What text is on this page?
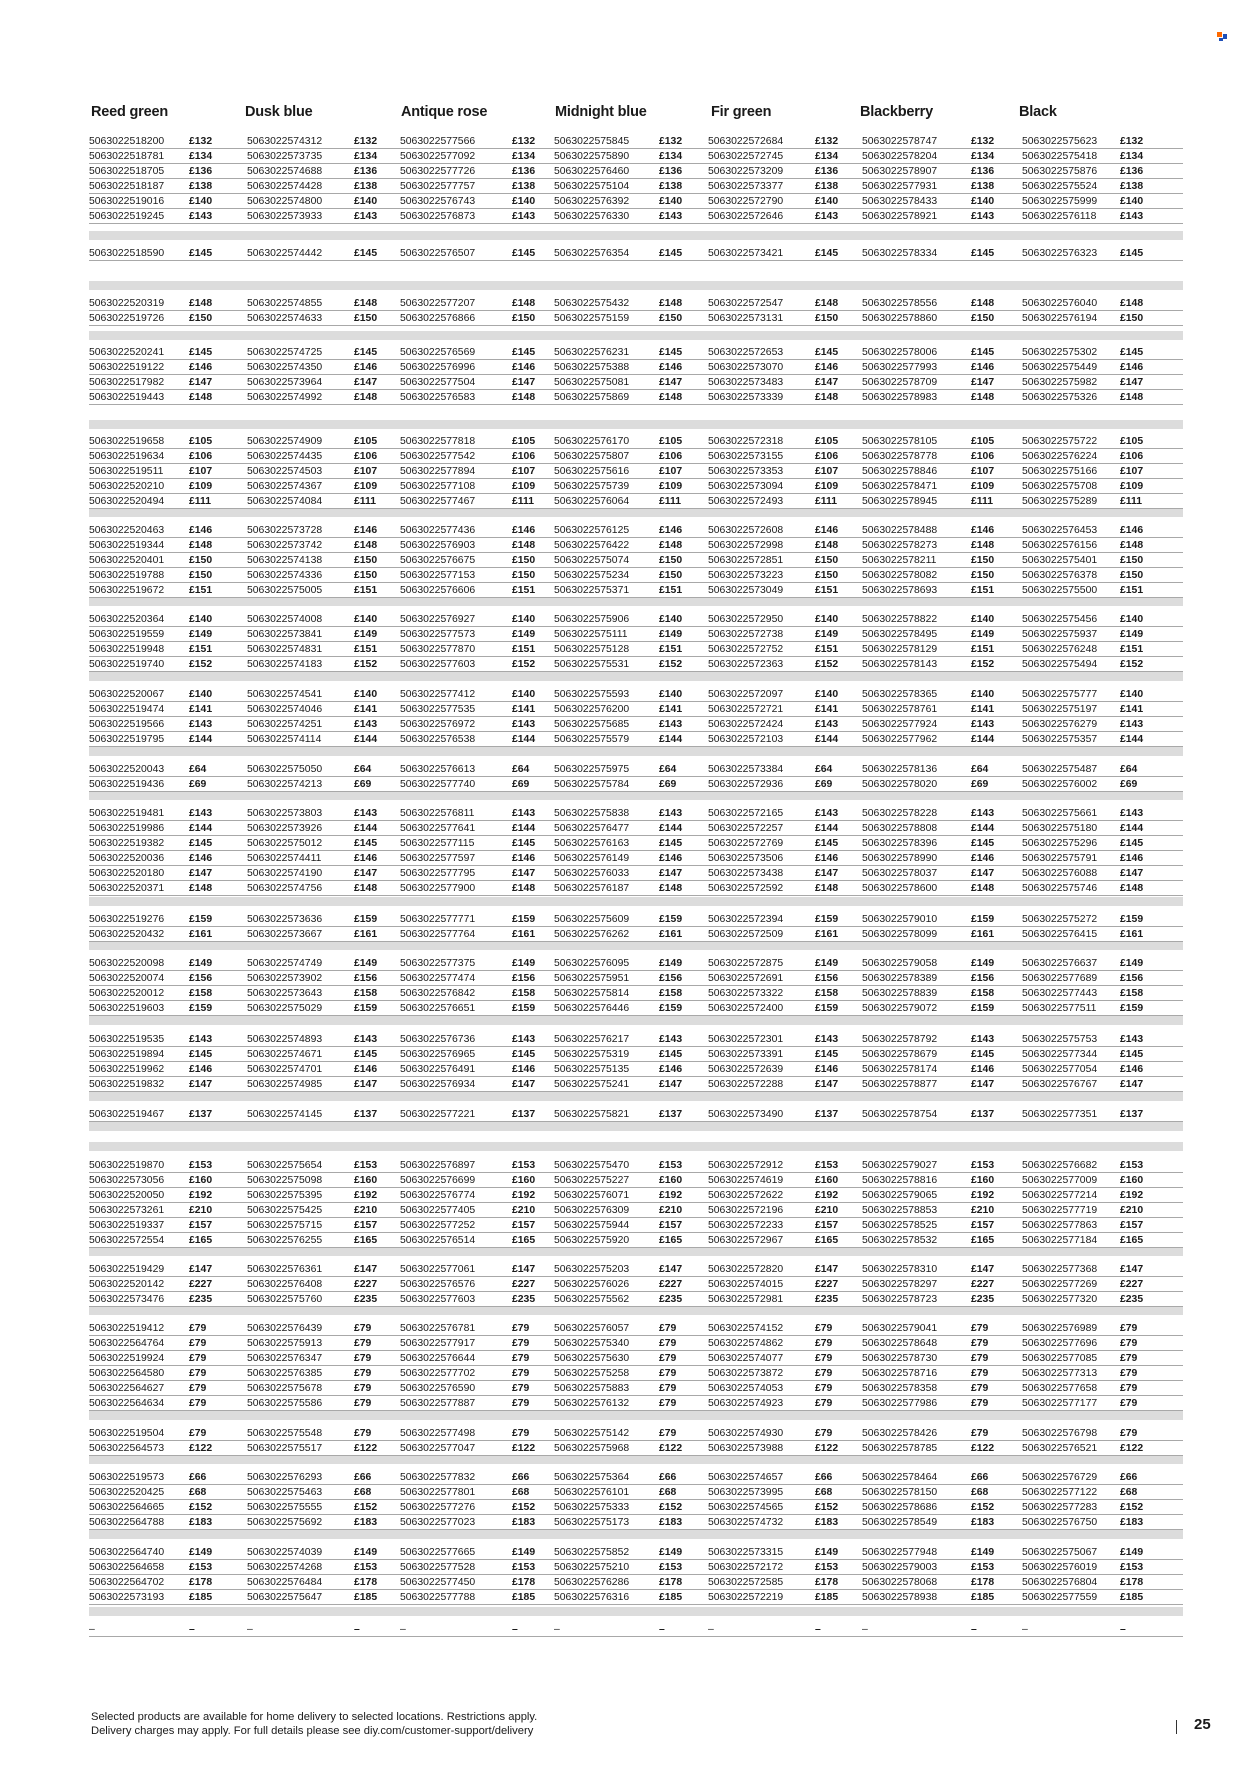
Reed green	Dusk blue	Antique rose	Midnight blue	Fir green	Blackberry	Black
5063022518200 £132	5063022574312	£132 5063022577566	£132 5063022575845	£132 5063022572684	£132 5063022578747	£132	5063022575623 £132
5063022518781 £134	5063022573735	£134 5063022577092	£134 5063022575890	£134 5063022572745	£134 5063022578204	£134	5063022575418 £134
5063022518705 £136	5063022574688	£136 5063022577726	£136 5063022576460	£136 5063022573209	£136 5063022578907	£136	5063022575876 £136
5063022518187 £138	5063022574428	£138 5063022577757	£138 5063022575104	£138 5063022573377	£138 5063022577931	£138	5063022575524 £138
5063022519016 £140	5063022574800	£140 5063022576743	£140 5063022576392	£140 5063022572790	£140 5063022578433	£140	5063022575999 £140
5063022519245 £143	5063022573933	£143 5063022576873	£143 5063022576330	£143 5063022572646	£143 5063022578921	£143	5063022576118 £143
5063022518590 £145	5063022574442	£145 5063022576507	£145 5063022576354	£145 5063022573421	£145 5063022578334	£145	5063022576323 £145
5063022520319 £148	5063022574855	£148 5063022577207	£148 5063022575432	£148 5063022572547	£148 5063022578556	£148	5063022576040 £148
5063022519726 £150	5063022574633	£150 5063022576866	£150 5063022575159	£150 5063022573131	£150 5063022578860	£150	5063022576194 £150
5063022520241 £145	5063022574725	£145 5063022576569	£145 5063022576231	£145 5063022572653	£145 5063022578006	£145	5063022575302 £145
5063022519122 £146	5063022574350	£146 5063022576996	£146 5063022575388	£146 5063022573070	£146 5063022577993	£146	5063022575449 £146
5063022517982 £147	5063022573964	£147 5063022577504	£147 5063022575081	£147 5063022573483	£147 5063022578709	£147	5063022575982 £147
5063022519443 £148	5063022574992	£148 5063022576583	£148 5063022575869	£148 5063022573339	£148 5063022578983	£148	5063022575326 £148
5063022519658 £105	5063022574909	£105 5063022577818	£105 5063022576170	£105 5063022572318	£105 5063022578105	£105	5063022575722 £105
5063022519634 £106	5063022574435	£106 5063022577542	£106 5063022575807	£106 5063022573155	£106 5063022578778	£106	5063022576224 £106
5063022519511 £107	5063022574503	£107 5063022577894	£107 5063022575616	£107 5063022573353	£107 5063022578846	£107	5063022575166 £107
5063022520210 £109	5063022574367	£109 5063022577108	£109 5063022575739	£109 5063022573094	£109 5063022578471	£109	5063022575708 £109
5063022520494 £111	5063022574084	£111 5063022577467	£111 5063022576064	£111	5063022572493	£111 5063022578945	£111	5063022575289 £111
5063022520463 £146	5063022573728	£146 5063022577436	£146 5063022576125	£146 5063022572608	£146 5063022578488	£146	5063022576453 £146
5063022519344 £148	5063022573742	£148 5063022576903	£148 5063022576422	£148 5063022572998	£148 5063022578273	£148	5063022576156 £148
5063022520401 £150	5063022574138	£150 5063022576675	£150 5063022575074	£150 5063022572851	£150 5063022578211	£150	5063022575401 £150
5063022519788 £150	5063022574336	£150 5063022577153	£150 5063022575234	£150 5063022573223	£150 5063022578082	£150	5063022576378 £150
5063022519672 £151	5063022575005	£151 5063022576606	£151 5063022575371	£151 5063022573049	£151 5063022578693	£151	5063022575500 £151
5063022520364 £140	5063022574008	£140 5063022576927	£140 5063022575906	£140 5063022572950	£140 5063022578822	£140	5063022575456 £140
5063022519559 £149	5063022573841	£149 5063022577573	£149 5063022575111	£149 5063022572738	£149 5063022578495	£149	5063022575937 £149
5063022519948 £151	5063022574831	£151 5063022577870	£151 5063022575128	£151 5063022572752	£151 5063022578129	£151	5063022576248 £151
5063022519740 £152	5063022574183	£152 5063022577603	£152 5063022575531	£152 5063022572363	£152 5063022578143	£152	5063022575494 £152
5063022520067 £140	5063022574541	£140 5063022577412	£140 5063022575593	£140 5063022572097	£140 5063022578365	£140	5063022575777 £140
5063022519474 £141	5063022574046	£141 5063022577535	£141 5063022576200	£141 5063022572721	£141 5063022578761	£141	5063022575197 £141
5063022519566 £143	5063022574251	£143 5063022576972	£143 5063022575685	£143 5063022572424	£143 5063022577924	£143	5063022576279 £143
5063022519795 £144	5063022574114	£144 5063022576538	£144 5063022575579	£144 5063022572103	£144 5063022577962	£144	5063022575357 £144
5063022520043 £64	5063022575050	£64	5063022576613	£64 5063022575975	£64	5063022573384	£64	5063022578136	£64	5063022575487 £64
5063022519436 £69	5063022574213	£69	5063022577740	£69 5063022575784	£69	5063022572936	£69	5063022578020	£69	5063022576002 £69
5063022519481 £143	5063022573803	£143 5063022576811	£143 5063022575838	£143 5063022572165	£143 5063022578228	£143	5063022575661 £143
5063022519986 £144	5063022573926	£144 5063022577641	£144 5063022576477	£144 5063022572257	£144 5063022578808	£144	5063022575180 £144
5063022519382 £145	5063022575012	£145 5063022577115	£145 5063022576163	£145 5063022572769	£145 5063022578396	£145	5063022575296 £145
5063022520036 £146	5063022574411	£146 5063022577597	£146 5063022576149	£146 5063022573506	£146 5063022578990	£146	5063022575791 £146
5063022520180 £147	5063022574190	£147 5063022577795	£147 5063022576033	£147 5063022573438	£147 5063022578037	£147	5063022576088 £147
5063022520371 £148	5063022574756	£148 5063022577900	£148 5063022576187	£148 5063022572592	£148 5063022578600	£148	5063022575746 £148
5063022519276 £159	5063022573636	£159 5063022577771	£159 5063022575609	£159 5063022572394	£159 5063022579010	£159	5063022575272 £159
5063022520432 £161	5063022573667	£161 5063022577764	£161 5063022576262	£161 5063022572509	£161 5063022578099	£161	5063022576415 £161
5063022520098 £149	5063022574749	£149 5063022577375	£149 5063022576095	£149 5063022572875	£149 5063022579058	£149	5063022576637 £149
5063022520074 £156	5063022573902	£156 5063022577474	£156 5063022575951	£156 5063022572691	£156 5063022578389	£156	5063022577689 £156
5063022520012 £158	5063022573643	£158 5063022576842	£158 5063022575814	£158 5063022573322	£158 5063022578839	£158	5063022577443 £158
5063022519603 £159	5063022575029	£159 5063022576651	£159 5063022576446	£159 5063022572400	£159 5063022579072	£159	5063022577511 £159
5063022519535 £143	5063022574893	£143 5063022576736	£143 5063022576217	£143 5063022572301	£143 5063022578792	£143	5063022575753 £143
5063022519894 £145	5063022574671	£145 5063022576965	£145 5063022575319	£145 5063022573391	£145 5063022578679	£145	5063022577344 £145
5063022519962 £146	5063022574701	£146 5063022576491	£146 5063022575135	£146 5063022572639	£146 5063022578174	£146	5063022577054 £146
5063022519832 £147	5063022574985	£147 5063022576934	£147 5063022575241	£147 5063022572288	£147 5063022578877	£147	5063022576767 £147
5063022519467 £137	5063022574145	£137 5063022577221	£137 5063022575821	£137 5063022573490	£137 5063022578754	£137	5063022577351 £137
5063022519870 £153	5063022575654	£153 5063022576897	£153 5063022575470	£153 5063022572912	£153 5063022579027	£153	5063022576682 £153
5063022573056 £160	5063022575098	£160 5063022576699	£160 5063022575227	£160 5063022574619	£160 5063022578816	£160	5063022577009 £160
5063022520050 £192	5063022575395	£192 5063022576774	£192 5063022576071	£192 5063022572622	£192 5063022579065	£192	5063022577214 £192
5063022573261 £210	5063022575425	£210 5063022577405	£210 5063022576309	£210 5063022572196	£210 5063022578853	£210	5063022577719 £210
5063022519337 £157	5063022575715	£157 5063022577252	£157 5063022575944	£157 5063022572233	£157 5063022578525	£157	5063022577863 £157
5063022572554 £165	5063022576255	£165 5063022576514	£165 5063022575920	£165 5063022572967	£165 5063022578532	£165	5063022577184 £165
5063022519429 £147	5063022576361	£147 5063022577061	£147 5063022575203	£147 5063022572820	£147 5063022578310	£147	5063022577368 £147
5063022520142 £227	5063022576408	£227 5063022576576	£227 5063022576026	£227 5063022574015	£227 5063022578297	£227	5063022577269 £227
5063022573476 £235	5063022575760	£235 5063022577603	£235 5063022575562	£235 5063022572981	£235 5063022578723	£235	5063022577320 £235
5063022519412 £79	5063022576439	£79	5063022576781	£79 5063022576057	£79	5063022574152	£79	5063022579041	£79	5063022576989 £79
5063022564764 £79	5063022575913	£79	5063022577917	£79 5063022575340	£79	5063022574862	£79	5063022578648	£79	5063022577696 £79
5063022519924 £79	5063022576347	£79	5063022576644	£79 5063022575630	£79	5063022574077	£79	5063022578730	£79	5063022577085 £79
5063022564580 £79	5063022576385	£79	5063022577702	£79 5063022575258	£79	5063022573872	£79	5063022578716	£79	5063022577313 £79
5063022564627 £79	5063022575678	£79	5063022576590	£79 5063022575883	£79	5063022574053	£79	5063022578358	£79	5063022577658 £79
5063022564634 £79	5063022575586	£79	5063022577887	£79 5063022576132	£79	5063022574923	£79	5063022577986	£79	5063022577177 £79
5063022519504 £79	5063022575548	£79	5063022577498	£79 5063022575142	£79	5063022574930	£79	5063022578426	£79	5063022576798 £79
5063022564573 £122	5063022575517	£122 5063022577047	£122 5063022575968	£122 5063022573988	£122 5063022578785	£122	5063022576521 £122
5063022519573 £66	5063022576293	£66	5063022577832	£66 5063022575364	£66	5063022574657	£66	5063022578464	£66	5063022576729 £66
5063022520425 £68	5063022575463	£68	5063022577801	£68 5063022576101	£68	5063022573995	£68	5063022578150	£68	5063022577122 £68
5063022564665 £152	5063022575555	£152 5063022577276	£152 5063022575333	£152 5063022574565	£152 5063022578686	£152	5063022577283 £152
5063022564788 £183	5063022575692	£183 5063022577023	£183 5063022575173	£183 5063022574732	£183 5063022578549	£183	5063022576750 £183
5063022564740 £149	5063022574039	£149 5063022577665	£149 5063022575852	£149 5063022573315	£149 5063022577948	£149	5063022575067 £149
5063022564658 £153	5063022574268	£153 5063022577528	£153 5063022575210	£153 5063022572172	£153 5063022579003	£153	5063022576019 £153
5063022564702 £178	5063022576484	£178 5063022577450	£178 5063022576286	£178 5063022572585	£178 5063022578068	£178	5063022576804 £178
5063022573193 £185	5063022575647	£185 5063022577788	£185 5063022576316	£185 5063022572219	£185 5063022578938	£185	5063022577559 £185
–	–	–	–	–	–	–	–	–	–	–	–	–	–
Selected products are available for home delivery to selected locations. Restrictions apply.
Delivery charges may apply. For full details please see diy.com/customer-support/delivery	25
